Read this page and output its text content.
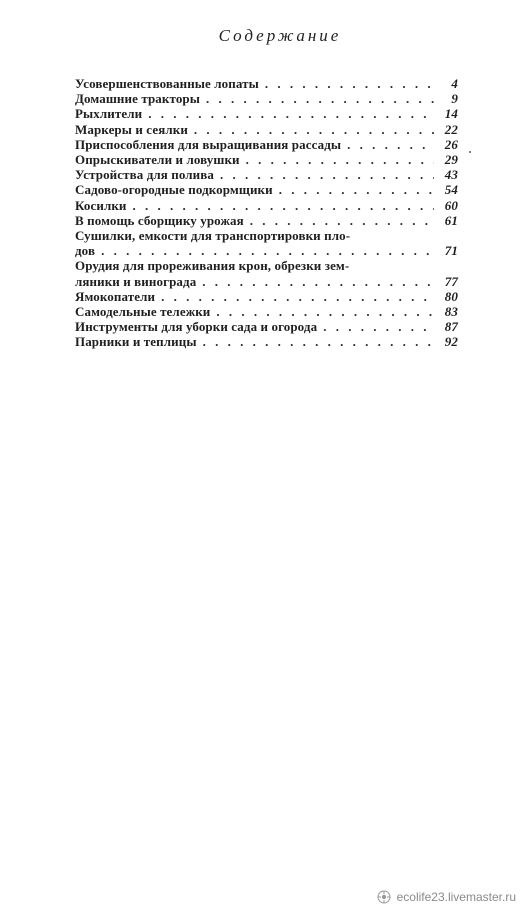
Содержание
Усовершенствованные лопаты . . .	4
Домашние тракторы . . .	9
Рыхлители . . .	14
Маркеры и сеялки . . .	22
Приспособления для выращивания рассады . . .	26
Опрыскиватели и ловушки . . .	29
Устройства для полива . . .	43
Садово-огородные подкормщики . . .	54
Косилки . . .	60
В помощь сборщику урожая . . .	61
Сушилки, емкости для транспортировки пло-
дов . . .	71
Орудия для прореживания крон, обрезки зем-
ляники и винограда . . .	77
Ямокопатели . . .	80
Самодельные тележки . . .	83
Инструменты для уборки сада и огорода . . .	87
Парники и теплицы . . .	92
ecolife23.livemaster.ru
